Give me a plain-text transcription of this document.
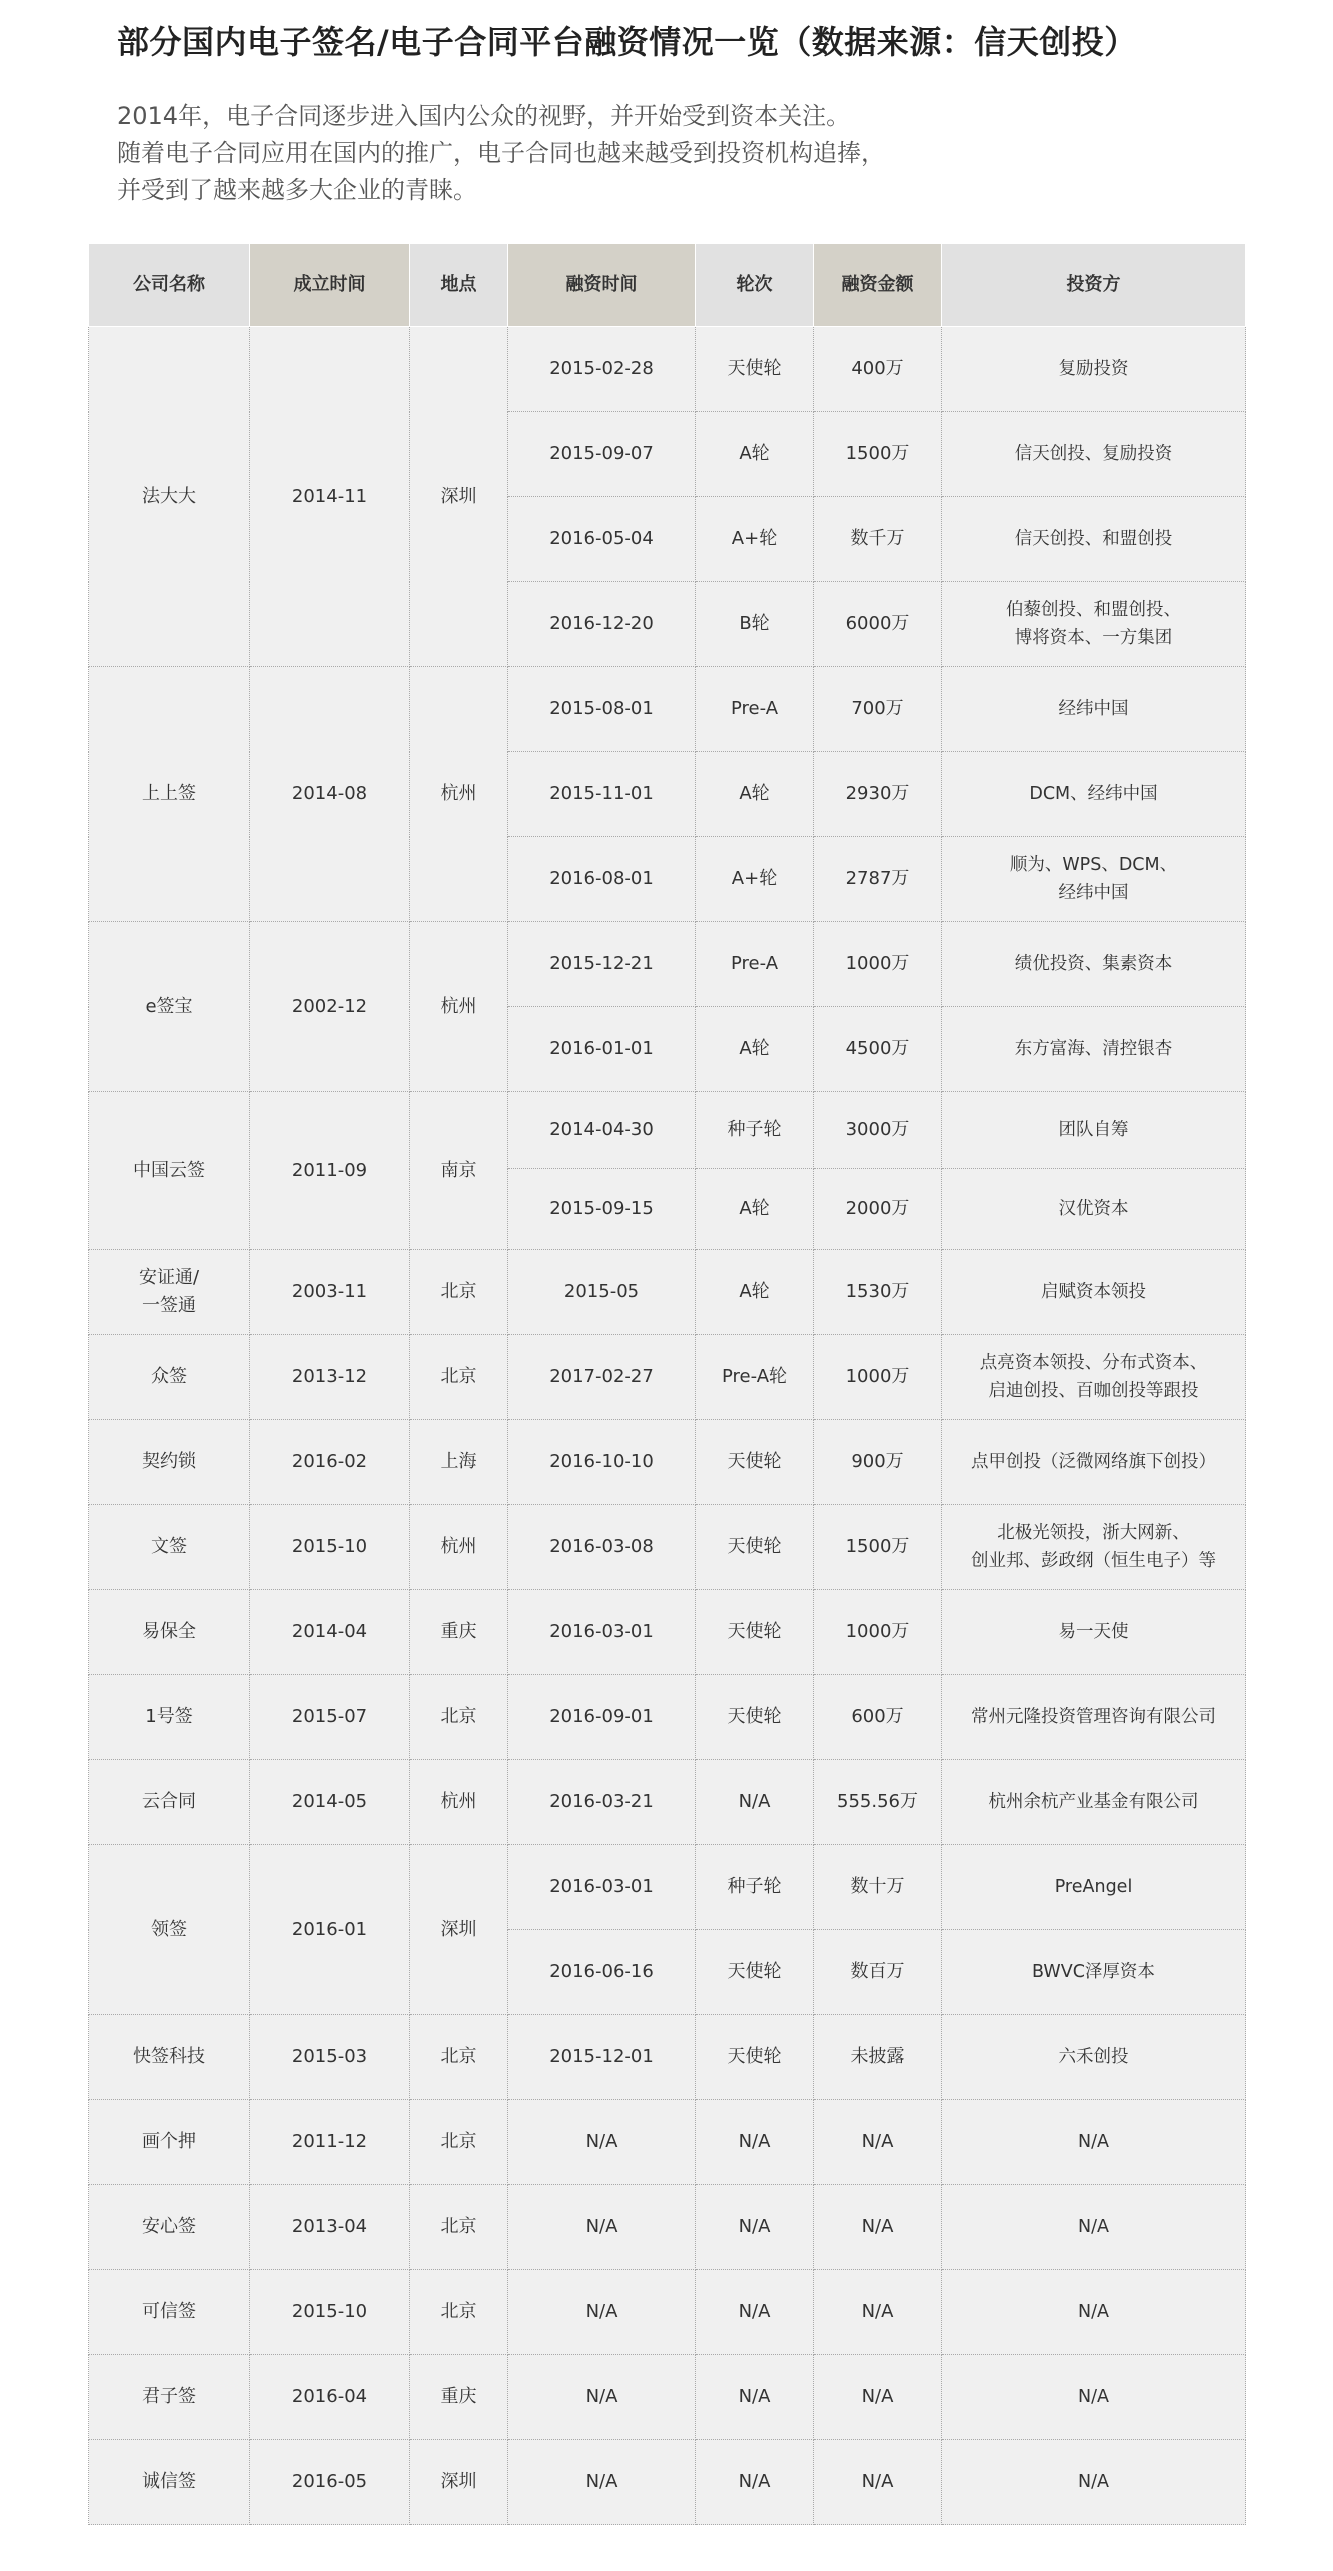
部分国内电子签名/电子合同平台融资情况一览（数据来源：信天创投）
2014年，电子合同逐步进入国内公众的视野，并开始受到资本关注。
随着电子合同应用在国内的推广，电子合同也越来越受到投资机构追捧，
并受到了越来越多大企业的青睐。
公司名称	成立时间	地点	融资时间	轮次	融资金额	投资方

法大大	2014-11	深圳	2015-02-28	天使轮	400万	复励投资

			2015-09-07	A轮	1500万	信天创投、复励投资

			2016-05-04	A+轮	数千万	信天创投、和盟创投

			2016-12-20	B轮	6000万	伯藜创投、和盟创投、
博将资本、一方集团

上上签	2014-08	杭州	2015-08-01	Pre-A	700万	经纬中国

			2015-11-01	A轮	2930万	DCM、经纬中国

			2016-08-01	A+轮	2787万	顺为、WPS、DCM、
经纬中国

e签宝	2002-12	杭州	2015-12-21	Pre-A	1000万	绩优投资、集素资本

			2016-01-01	A轮	4500万	东方富海、清控银杏

中国云签	2011-09	南京	2014-04-30	种子轮	3000万	团队自筹

			2015-09-15	A轮	2000万	汉优资本

安证通/
一签通	2003-11	北京	2015-05	A轮	1530万	启赋资本领投

众签	2013-12	北京	2017-02-27	Pre-A轮	1000万	点亮资本领投、分布式资本、
启迪创投、百咖创投等跟投

契约锁	2016-02	上海	2016-10-10	天使轮	900万	点甲创投（泛微网络旗下创投）

文签	2015-10	杭州	2016-03-08	天使轮	1500万	北极光领投，浙大网新、
创业邦、彭政纲（恒生电子）等

易保全	2014-04	重庆	2016-03-01	天使轮	1000万	易一天使

1号签	2015-07	北京	2016-09-01	天使轮	600万	常州元隆投资管理咨询有限公司

云合同	2014-05	杭州	2016-03-21	N/A	555.56万	杭州余杭产业基金有限公司

领签	2016-01	深圳	2016-03-01	种子轮	数十万	PreAngel

			2016-06-16	天使轮	数百万	BWVC泽厚资本

快签科技	2015-03	北京	2015-12-01	天使轮	未披露	六禾创投

画个押	2011-12	北京	N/A	N/A	N/A	N/A

安心签	2013-04	北京	N/A	N/A	N/A	N/A

可信签	2015-10	北京	N/A	N/A	N/A	N/A

君子签	2016-04	重庆	N/A	N/A	N/A	N/A

诚信签	2016-05	深圳	N/A	N/A	N/A	N/A
